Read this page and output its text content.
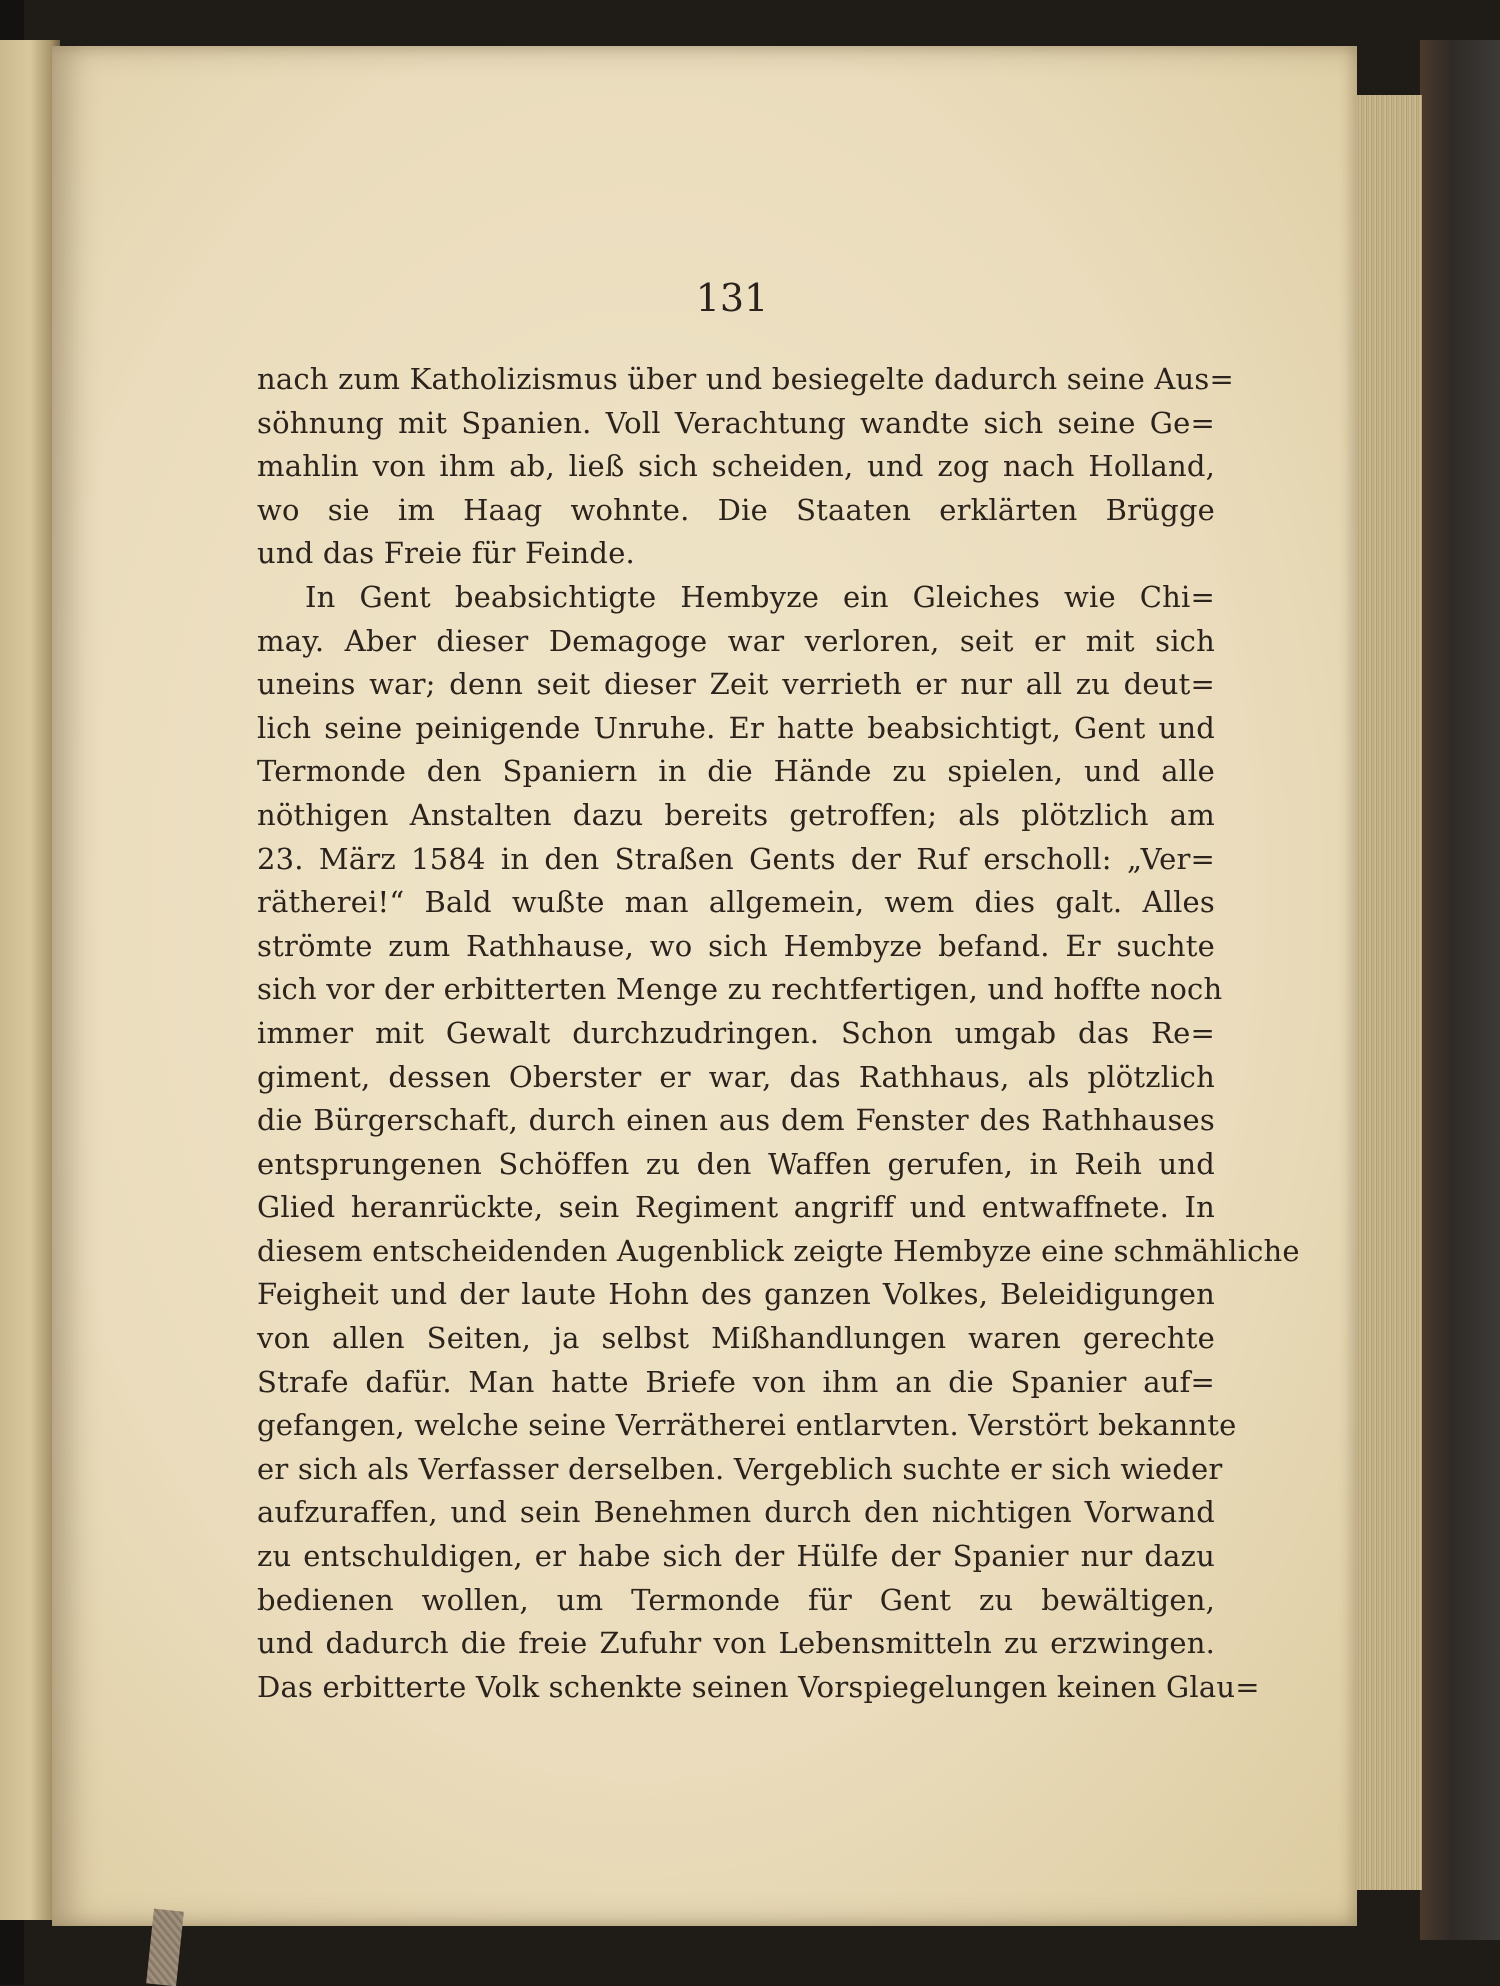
131
nach zum Katholizismus über und besiegelte dadurch seine Aus=
söhnung mit Spanien. Voll Verachtung wandte sich seine Ge=
mahlin von ihm ab, ließ sich scheiden, und zog nach Holland,
wo sie im Haag wohnte. Die Staaten erklärten Brügge
und das Freie für Feinde.
In Gent beabsichtigte Hembyze ein Gleiches wie Chi=
may. Aber dieser Demagoge war verloren, seit er mit sich
uneins war; denn seit dieser Zeit verrieth er nur all zu deut=
lich seine peinigende Unruhe. Er hatte beabsichtigt, Gent und
Termonde den Spaniern in die Hände zu spielen, und alle
nöthigen Anstalten dazu bereits getroffen; als plötzlich am
23. März 1584 in den Straßen Gents der Ruf erscholl: „Ver=
rätherei!“ Bald wußte man allgemein, wem dies galt. Alles
strömte zum Rathhause, wo sich Hembyze befand. Er suchte
sich vor der erbitterten Menge zu rechtfertigen, und hoffte noch
immer mit Gewalt durchzudringen. Schon umgab das Re=
giment, dessen Oberster er war, das Rathhaus, als plötzlich
die Bürgerschaft, durch einen aus dem Fenster des Rathhauses
entsprungenen Schöffen zu den Waffen gerufen, in Reih und
Glied heranrückte, sein Regiment angriff und entwaffnete. In
diesem entscheidenden Augenblick zeigte Hembyze eine schmähliche
Feigheit und der laute Hohn des ganzen Volkes, Beleidigungen
von allen Seiten, ja selbst Mißhandlungen waren gerechte
Strafe dafür. Man hatte Briefe von ihm an die Spanier auf=
gefangen, welche seine Verrätherei entlarvten. Verstört bekannte
er sich als Verfasser derselben. Vergeblich suchte er sich wieder
aufzuraffen, und sein Benehmen durch den nichtigen Vorwand
zu entschuldigen, er habe sich der Hülfe der Spanier nur dazu
bedienen wollen, um Termonde für Gent zu bewältigen,
und dadurch die freie Zufuhr von Lebensmitteln zu erzwingen.
Das erbitterte Volk schenkte seinen Vorspiegelungen keinen Glau=
